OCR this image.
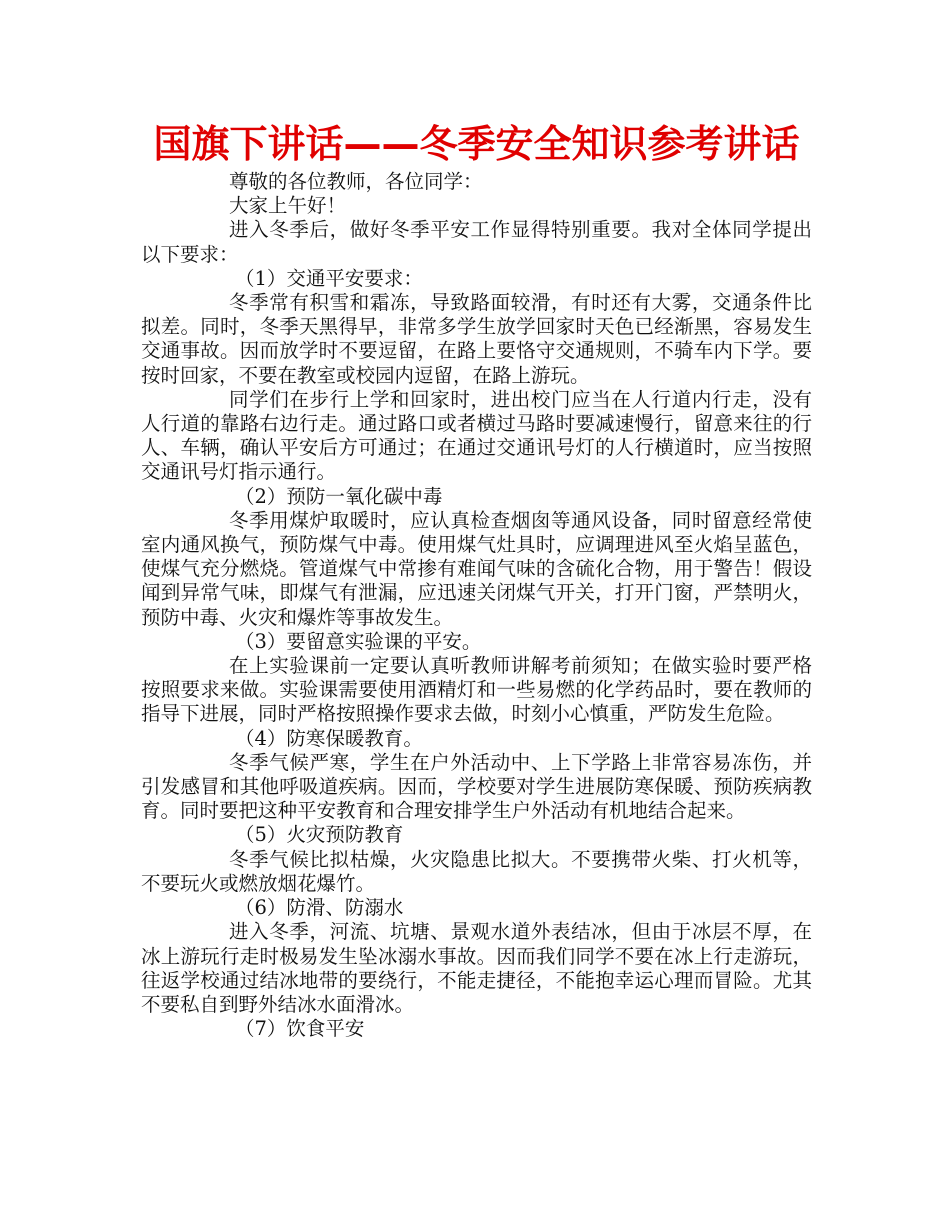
国旗下讲话——冬季安全知识参考讲话

尊敬的各位教师，各位同学：

大家上午好！

进入冬季后，做好冬季平安工作显得特别重要。我对全体同学提出以下要求：

（1）交通平安要求：

冬季常有积雪和霜冻，导致路面较滑，有时还有大雾，交通条件比拟差。同时，冬季天黑得早，非常多学生放学回家时天色已经渐黑，容易发生交通事故。因而放学时不要逗留，在路上要恪守交通规则，不骑车内下学。要按时回家，不要在教室或校园内逗留，在路上游玩。

同学们在步行上学和回家时，进出校门应当在人行道内行走，没有人行道的靠路右边行走。通过路口或者横过马路时要减速慢行，留意来往的行人、车辆，确认平安后方可通过；在通过交通讯号灯的人行横道时，应当按照交通讯号灯指示通行。

（2）预防一氧化碳中毒

冬季用煤炉取暖时，应认真检查烟囱等通风设备，同时留意经常使室内通风换气，预防煤气中毒。使用煤气灶具时，应调理进风至火焰呈蓝色，使煤气充分燃烧。管道煤气中常掺有难闻气味的含硫化合物，用于警告！假设闻到异常气味，即煤气有泄漏，应迅速关闭煤气开关，打开门窗，严禁明火，预防中毒、火灾和爆炸等事故发生。

（3）要留意实验课的平安。

在上实验课前一定要认真听教师讲解考前须知；在做实验时要严格按照要求来做。实验课需要使用酒精灯和一些易燃的化学药品时，要在教师的指导下进展，同时严格按照操作要求去做，时刻小心慎重，严防发生危险。

（4）防寒保暖教育。

冬季气候严寒，学生在户外活动中、上下学路上非常容易冻伤，并引发感冒和其他呼吸道疾病。因而，学校要对学生进展防寒保暖、预防疾病教育。同时要把这种平安教育和合理安排学生户外活动有机地结合起来。

（5）火灾预防教育

冬季气候比拟枯燥，火灾隐患比拟大。不要携带火柴、打火机等，不要玩火或燃放烟花爆竹。

（6）防滑、防溺水

进入冬季，河流、坑塘、景观水道外表结冰，但由于冰层不厚，在冰上游玩行走时极易发生坠冰溺水事故。因而我们同学不要在冰上行走游玩，往返学校通过结冰地带的要绕行，不能走捷径，不能抱幸运心理而冒险。尤其不要私自到野外结冰水面滑冰。

（7）饮食平安
